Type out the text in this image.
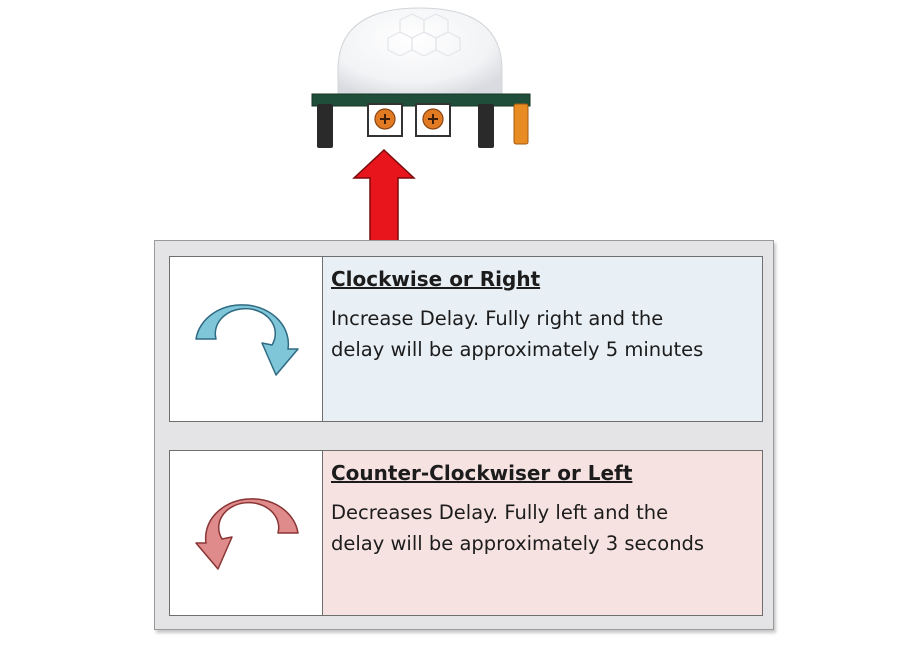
Clockwise or Right
Increase Delay. Fully right and the
delay will be approximately 5 minutes
Counter-Clockwiser or Left
Decreases Delay. Fully left and the
delay will be approximately 3 seconds
